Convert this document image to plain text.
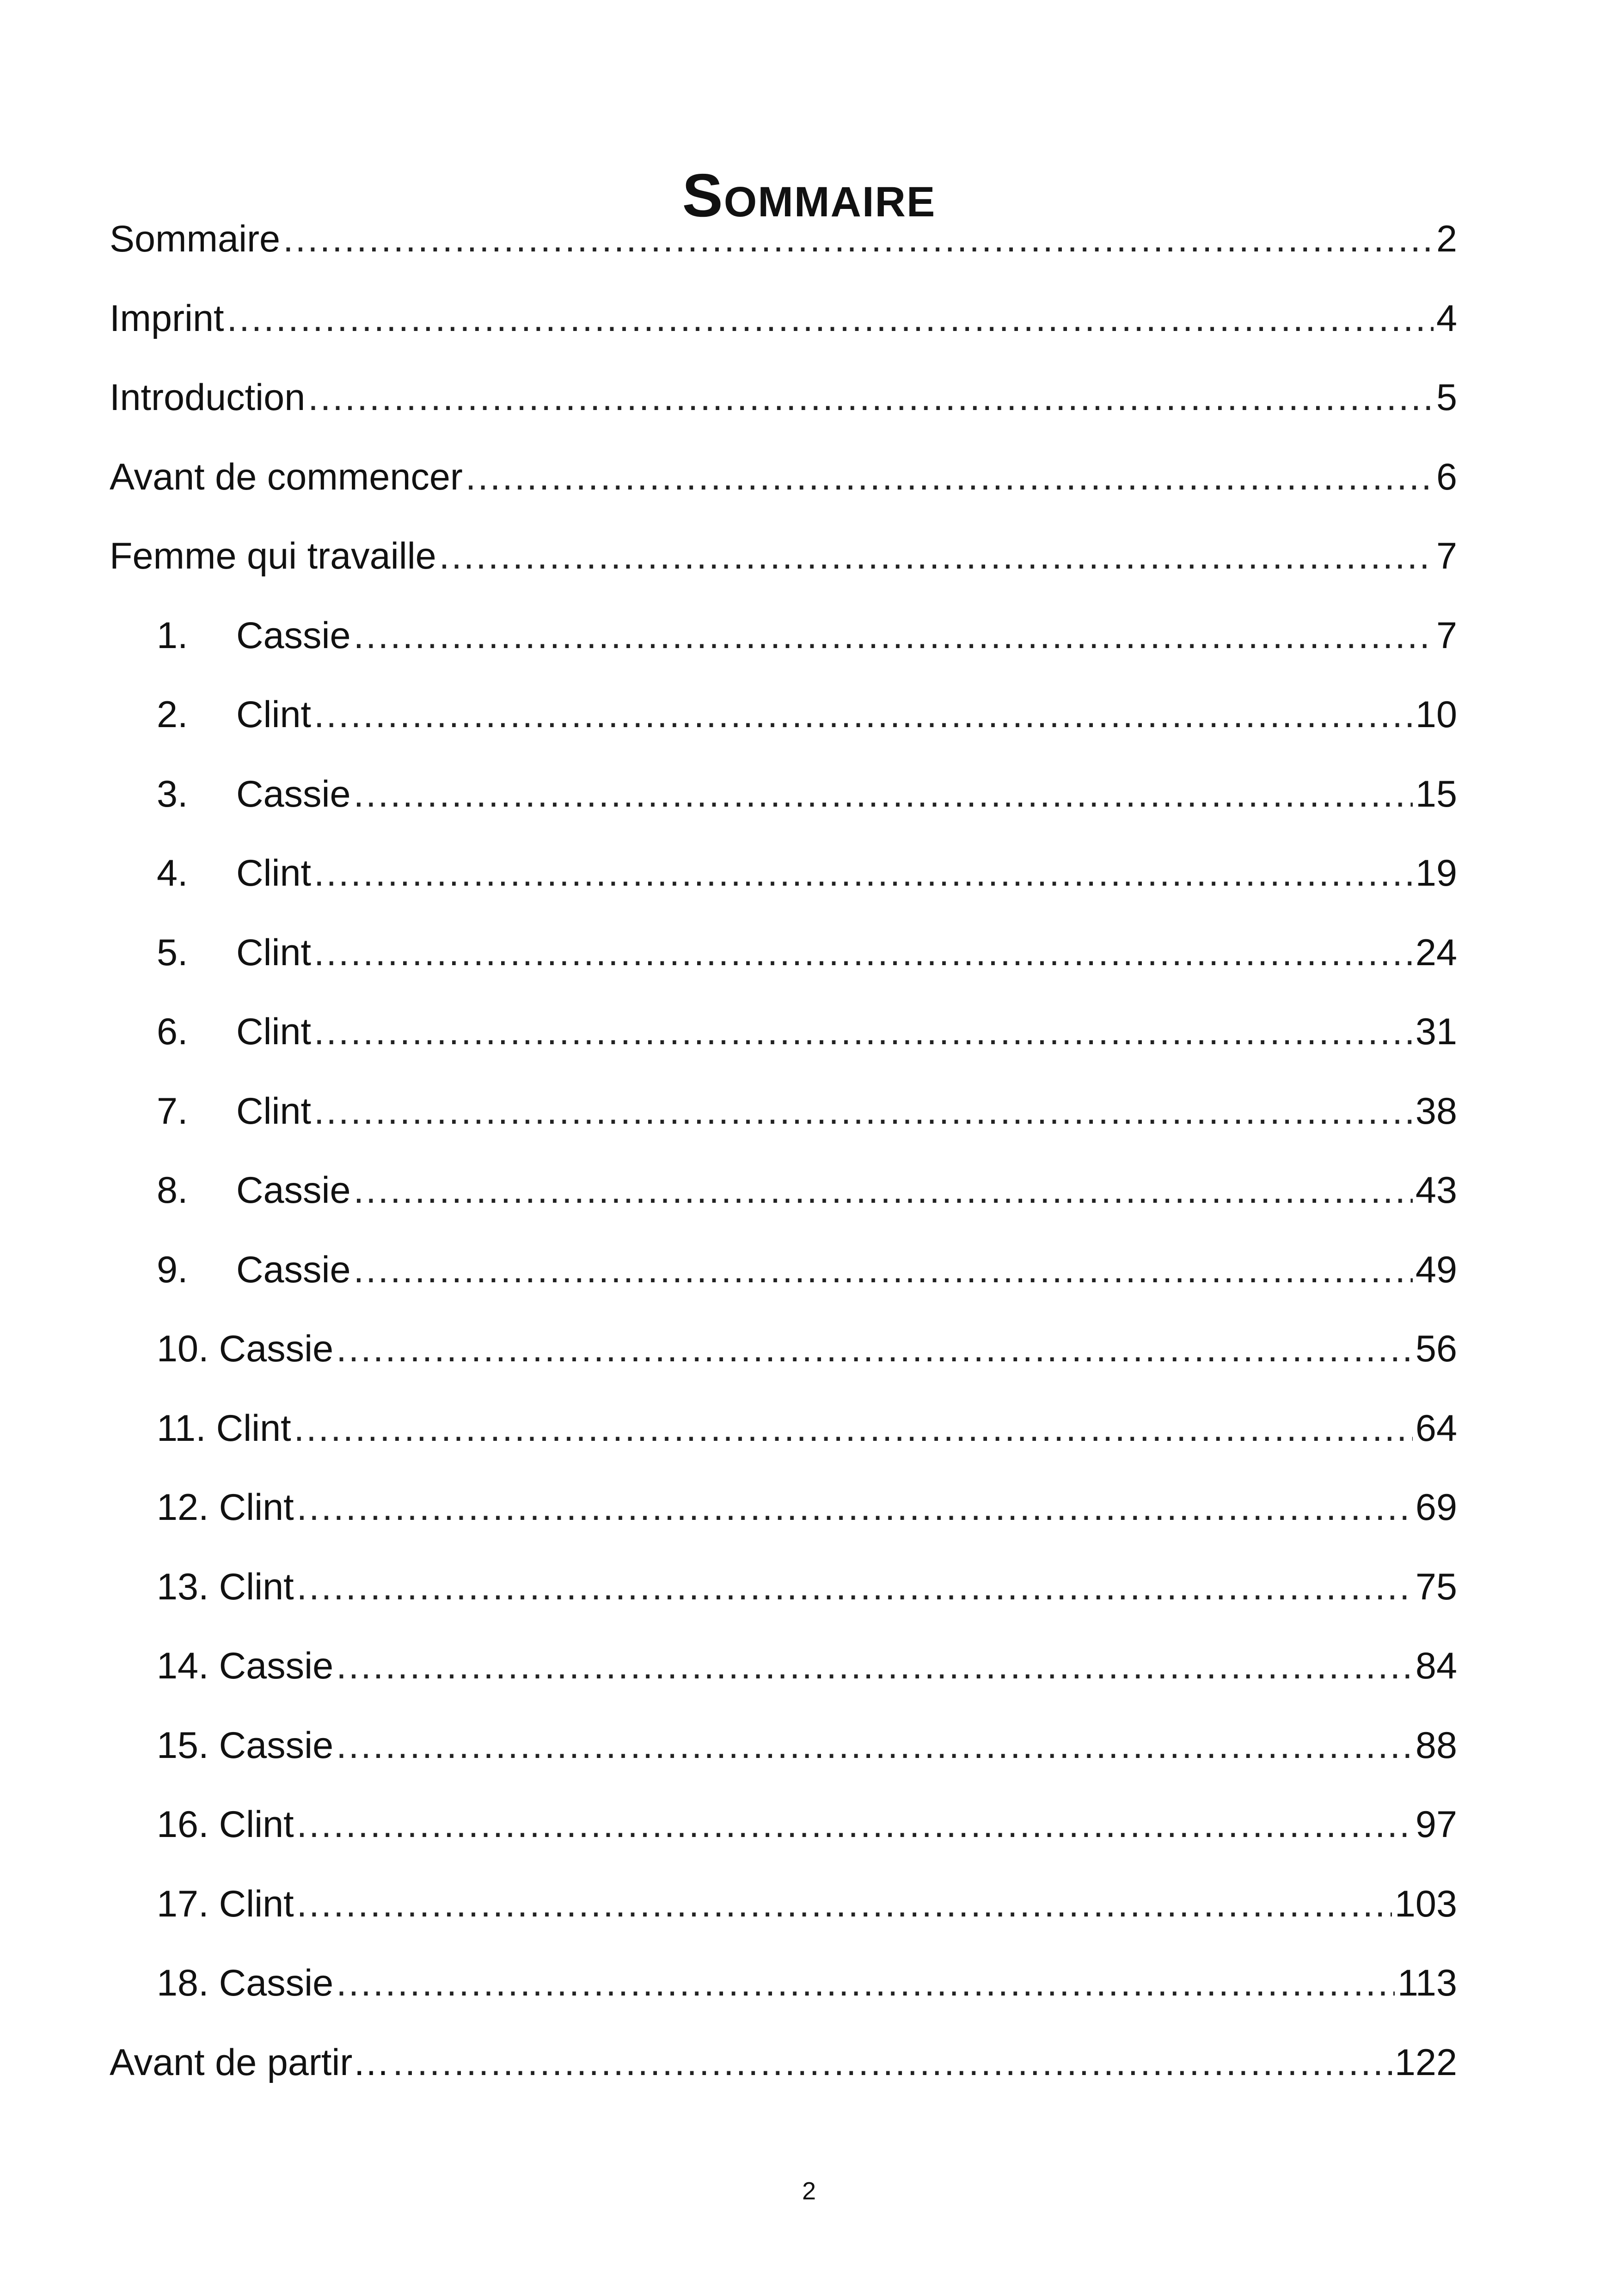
Sommaire
Sommaire .....	2
Imprint .....	4
Introduction .....	5
Avant de commencer .....	6
Femme qui travaille .....	7
1.	Cassie .....	7
2.	Clint .....	10
3.	Cassie .....	15
4.	Clint .....	19
5.	Clint .....	24
6.	Clint .....	31
7.	Clint .....	38
8.	Cassie .....	43
9.	Cassie .....	49
10. Cassie .....	56
11. Clint .....	64
12. Clint .....	69
13. Clint .....	75
14. Cassie .....	84
15. Cassie .....	88
16. Clint .....	97
17. Clint .....	103
18. Cassie .....	113
Avant de partir… .....	122
2
